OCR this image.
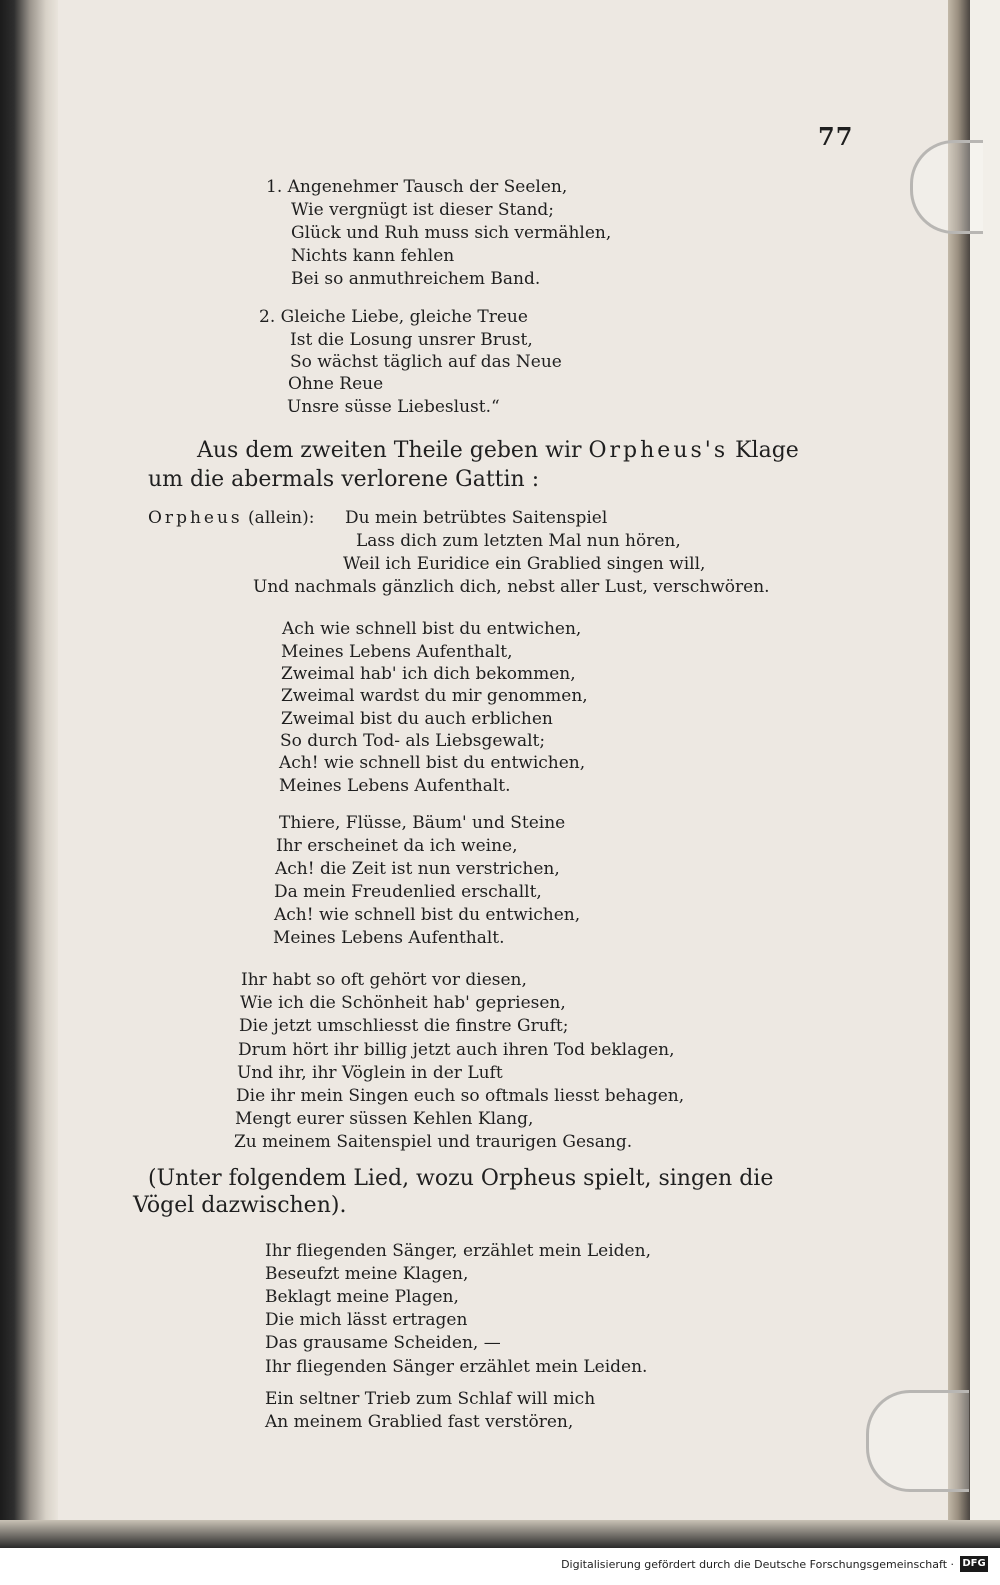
77
1. Angenehmer Tausch der Seelen,
Wie vergnügt ist dieser Stand;
Glück und Ruh muss sich vermählen,
Nichts kann fehlen
Bei so anmuthreichem Band.
2. Gleiche Liebe, gleiche Treue
Ist die Losung unsrer Brust,
So wächst täglich auf das Neue
Ohne Reue
Unsre süsse Liebeslust.“
Aus dem zweiten Theile geben wir Orpheus's Klage
um die abermals verlorene Gattin :
Orpheus (allein): Du mein betrübtes Saitenspiel
Lass dich zum letzten Mal nun hören,
Weil ich Euridice ein Grablied singen will,
Und nachmals gänzlich dich, nebst aller Lust, verschwören.
Ach wie schnell bist du entwichen,
Meines Lebens Aufenthalt,
Zweimal hab' ich dich bekommen,
Zweimal wardst du mir genommen,
Zweimal bist du auch erblichen
So durch Tod- als Liebsgewalt;
Ach! wie schnell bist du entwichen,
Meines Lebens Aufenthalt.
Thiere, Flüsse, Bäum' und Steine
Ihr erscheinet da ich weine,
Ach! die Zeit ist nun verstrichen,
Da mein Freudenlied erschallt,
Ach! wie schnell bist du entwichen,
Meines Lebens Aufenthalt.
Ihr habt so oft gehört vor diesen,
Wie ich die Schönheit hab' gepriesen,
Die jetzt umschliesst die finstre Gruft;
Drum hört ihr billig jetzt auch ihren Tod beklagen,
Und ihr, ihr Vöglein in der Luft
Die ihr mein Singen euch so oftmals liesst behagen,
Mengt eurer süssen Kehlen Klang,
Zu meinem Saitenspiel und traurigen Gesang.
(Unter folgendem Lied, wozu Orpheus spielt, singen die
Vögel dazwischen).
Ihr fliegenden Sänger, erzählet mein Leiden,
Beseufzt meine Klagen,
Beklagt meine Plagen,
Die mich lässt ertragen
Das grausame Scheiden, —
Ihr fliegenden Sänger erzählet mein Leiden.
Ein seltner Trieb zum Schlaf will mich
An meinem Grablied fast verstören,
Digitalisierung gefördert durch die Deutsche Forschungsgemeinschaft · DFG
